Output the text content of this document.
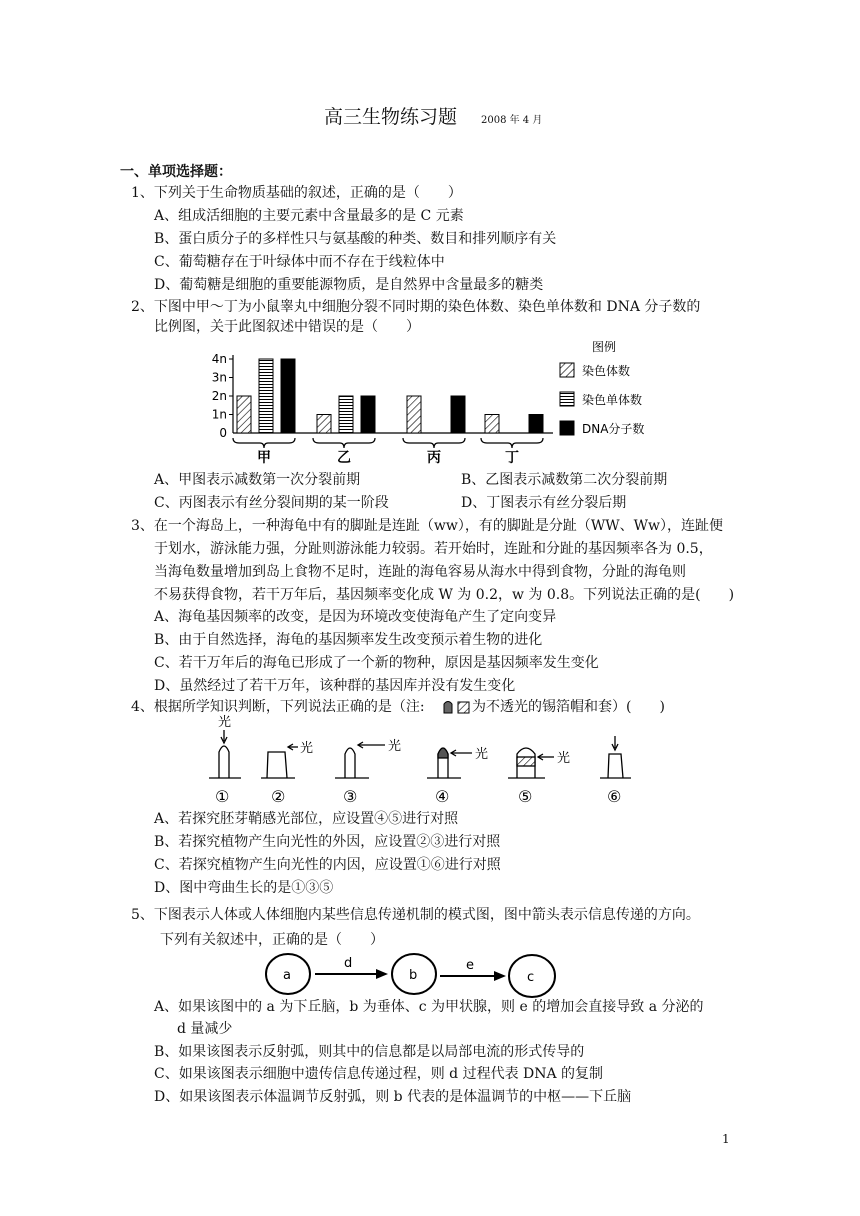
高三生物练习题 2008 年 4 月
一、单项选择题：
1、下列关于生命物质基础的叙述，正确的是（　　）
A、组成活细胞的主要元素中含量最多的是 C 元素
B、蛋白质分子的多样性只与氨基酸的种类、数目和排列顺序有关
C、葡萄糖存在于叶绿体中而不存在于线粒体中
D、葡萄糖是细胞的重要能源物质，是自然界中含量最多的糖类
2、下图中甲～丁为小鼠睾丸中细胞分裂不同时期的染色体数、染色单体数和 DNA 分子数的
比例图，关于此图叙述中错误的是（　　）
0
1n
2n
3n
4n
甲	乙	丙	丁
图例
染色体数
染色单体数
DNA分子数
A、甲图表示减数第一次分裂前期	B、乙图表示减数第二次分裂前期
C、丙图表示有丝分裂间期的某一阶段	D、丁图表示有丝分裂后期
3、在一个海岛上，一种海龟中有的脚趾是连趾（ww），有的脚趾是分趾（WW、Ww），连趾便
于划水，游泳能力强，分趾则游泳能力较弱。若开始时，连趾和分趾的基因频率各为 0.5，
当海龟数量增加到岛上食物不足时，连趾的海龟容易从海水中得到食物，分趾的海龟则
不易获得食物，若干万年后，基因频率变化成 W 为 0.2，w 为 0.8。下列说法正确的是(　　)
A、海龟基因频率的改变，是因为环境改变使海龟产生了定向变异
B、由于自然选择，海龟的基因频率发生改变预示着生物的进化
C、若干万年后的海龟已形成了一个新的物种，原因是基因频率发生变化
D、虽然经过了若干万年，该种群的基因库并没有发生变化
4、根据所学知识判断，下列说法正确的是（注:	为不透光的锡箔帽和套）(　　)
光
光	光
光	光
①	②	③	④	⑤	⑥
A、若探究胚芽鞘感光部位，应设置④⑤进行对照
B、若探究植物产生向光性的外因，应设置②③进行对照
C、若探究植物产生向光性的内因，应设置①⑥进行对照
D、图中弯曲生长的是①③⑤
5、下图表示人体或人体细胞内某些信息传递机制的模式图，图中箭头表示信息传递的方向。
下列有关叙述中，正确的是（　　）
a	b	c
d	e
A、如果该图中的 a 为下丘脑，b 为垂体、c 为甲状腺，则 e 的增加会直接导致 a 分泌的
d 量减少
B、如果该图表示反射弧，则其中的信息都是以局部电流的形式传导的
C、如果该图表示细胞中遗传信息传递过程，则 d 过程代表 DNA 的复制
D、如果该图表示体温调节反射弧，则 b 代表的是体温调节的中枢——下丘脑
1
